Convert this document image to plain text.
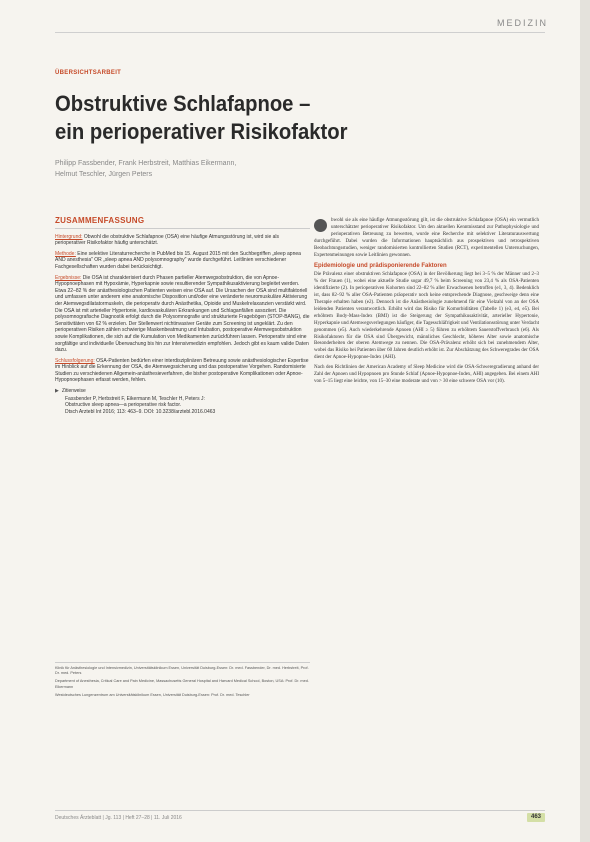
MEDIZIN
ÜBERSICHTSARBEIT
Obstruktive Schlafapnoe –
ein perioperativer Risikofaktor
Philipp Fassbender, Frank Herbstreit, Matthias Eikermann,
Helmut Teschler, Jürgen Peters
ZUSAMMENFASSUNG

Hintergrund: Obwohl die obstruktive Schlafapnoe (OSA) eine häufige Atmungsstörung ist, wird sie als perioperativer Risikofaktor häufig unterschätzt.

Methode: Eine selektive Literaturrecherche in PubMed bis 15. August 2015 mit den Suchbegriffen „sleep apnea AND anesthesia" OR „sleep apnea AND polysomnography" wurde durchgeführt. Leitlinien verschiedener Fachgesellschaften wurden dabei berücksichtigt.

Ergebnisse: Die OSA ist charakterisiert durch Phasen partieller Atemwegsobstruktion, die von Apnoe-Hypopnoephasen mit Hypoxämie, Hyperkapnie sowie resultierender Sympathikusaktivierung begleitet werden. Etwa 22–82 % der anästhesiologischen Patienten weisen eine OSA auf. Die Ursachen der OSA sind multifaktoriell und umfassen unter anderem eine anatomische Disposition und/oder eine veränderte neuromuskuläre Aktivierung der Atemwegsdilatatormuskeln, die perioperativ durch Anästhetika, Opioide und Muskelrelaxanzien verstärkt wird. Die OSA ist mit arterieller Hypertonie, kardiovaskulären Erkrankungen und Schlaganfällen assoziiert. Die polysomnografische Diagnostik erfolgt durch die Polysomnografie und strukturierte Fragebögen (STOP-BANG), die Sensitivitäten von 62 % erzielen. Der Stellenwert nichtinvasiver Geräte zum Screening ist ungeklärt. Zu den perioperativen Risiken zählen schwierige Maskenbeatmung und Intubation, postoperative Atemwegsobstruktion sowie Komplikationen, die sich auf die Kumulation von Medikamenten zurückführen lassen. Perioperativ sind eine sorgfältige und individuelle Überwachung bis hin zur Intensivmedizin empfohlen. Jedoch gibt es kaum valide Daten dazu.

Schlussfolgerung: OSA-Patienten bedürfen einer interdisziplinären Betreuung sowie anästhesiologischer Expertise im Hinblick auf die Erkennung der OSA, die Atemwegssicherung und das postoperative Vorgehen. Randomisierte Studien zu verschiedenen Allgemein-anästhesieverfahren, die bisher postoperative Komplikationen oder Apnoe-Hypopnoephasen erfasst werden, fehlen.

▶ Zitierweise
Fassbender P, Herbstreit F, Eikermann M, Teschler H, Peters J:
Obstructive sleep apnea—a perioperative risk factor.
Dtsch Arztebl Int 2016; 113: 463–9. DOI: 10.3238/arztebl.2016.0463

Klinik für Anästhesiologie und Intensivmedizin, Universitätsklinikum Essen, Universität Duisburg-Essen: Dr. med. Fassbender, Dr. med. Herbstreit, Prof. Dr. med. Peters

Department of Anesthesia, Critical Care and Pain Medicine, Massachusetts General Hospital and Harvard Medical School, Boston, USA: Prof. Dr. med. Eikermann

Westdeutsches Lungenzentrum am Universitätsklinikum Essen, Universität Duisburg-Essen: Prof. Dr. med. Teschler

bwohl sie als eine häufige Atmungsstörung gilt, ist die obstruktive Schlafapnoe (OSA) ein vermutlich unterschätzter perioperativer Risikofaktor. Um den aktuellen Kenntnisstand zur Pathophysiologie und perioperativen Betreuung zu bewerten, wurde eine Recherche mit selektiver Literaturauswertung durchgeführt. Dabei wurden die Informationen hauptsächlich aus prospektiven und retrospektiven Beobachtungsstudien, weniger randomisierten kontrollierten Studien (RCT), experimentellen Untersuchungen, Expertenmeinungen sowie Leitlinien gewonnen.

Epidemiologie und prädisponierende Faktoren

Die Prävalenz einer obstruktiven Schlafapnoe (OSA) in der Bevölkerung liegt bei 3–5 % der Männer und 2–3 % der Frauen (1), wobei eine aktuelle Studie sogar 49,7 % beim Screening von 23,4 % als OSA-Patienten identifizierte (2). In perioperativen Kohorten sind 22–82 % aller Erwachsenen betroffen (e1, 3, 4). Bedenklich ist, dass 82–92 % aller OSA-Patienten präoperativ noch keine entsprechende Diagnose, geschweige denn eine Therapie erhalten haben (e2). Dennoch ist die Anästhesiologie zunehmend für eine Vielzahl von an der OSA leidenden Patienten verantwortlich. Erhöht wird das Risiko für Komorbiditäten (Tabelle 1) (e3, e4, e5). Bei erhöhtem Body-Mass-Index (BMI) ist die Steigerung der Sympathikusaktivität, arterieller Hypertonie, Hyperkapnie und Atemwegsverlegungen häufiger, die Tagesschläfrigkeit und Ventilationsstörung unter Verdacht genommen (e5). Auch wiederkehrende Apnoen (AHI ≥ 5) führen zu erhöhtem Sauerstoffverbrauch (e6). Als Risikofaktoren für die OSA sind Übergewicht, männliches Geschlecht, höheres Alter sowie anatomische Besonderheiten der oberen Atemwege zu nennen. Die OSA-Prävalenz erhöht sich bei zunehmendem Alter, wobei das Risiko bei Patienten über 60 Jahren deutlich erhöht ist. Zur Abschätzung des Schweregrades der OSA dient der Apnoe-Hypopnoe-Index (AHI).

Nach den Richtlinien der American Academy of Sleep Medicine wird die OSA-Schweregradierung anhand der Zahl der Apnoen und Hypopnoen pro Stunde Schlaf (Apnoe-Hypopnoe-Index, AHI) angegeben. Bei einem AHI von 5–15 liegt eine leichte, von 15–30 eine moderate und von > 30 eine schwere OSA vor (10).

Deutsches Ärzteblatt | Jg. 113 | Heft 27–28 | 11. Juli 2016	463
